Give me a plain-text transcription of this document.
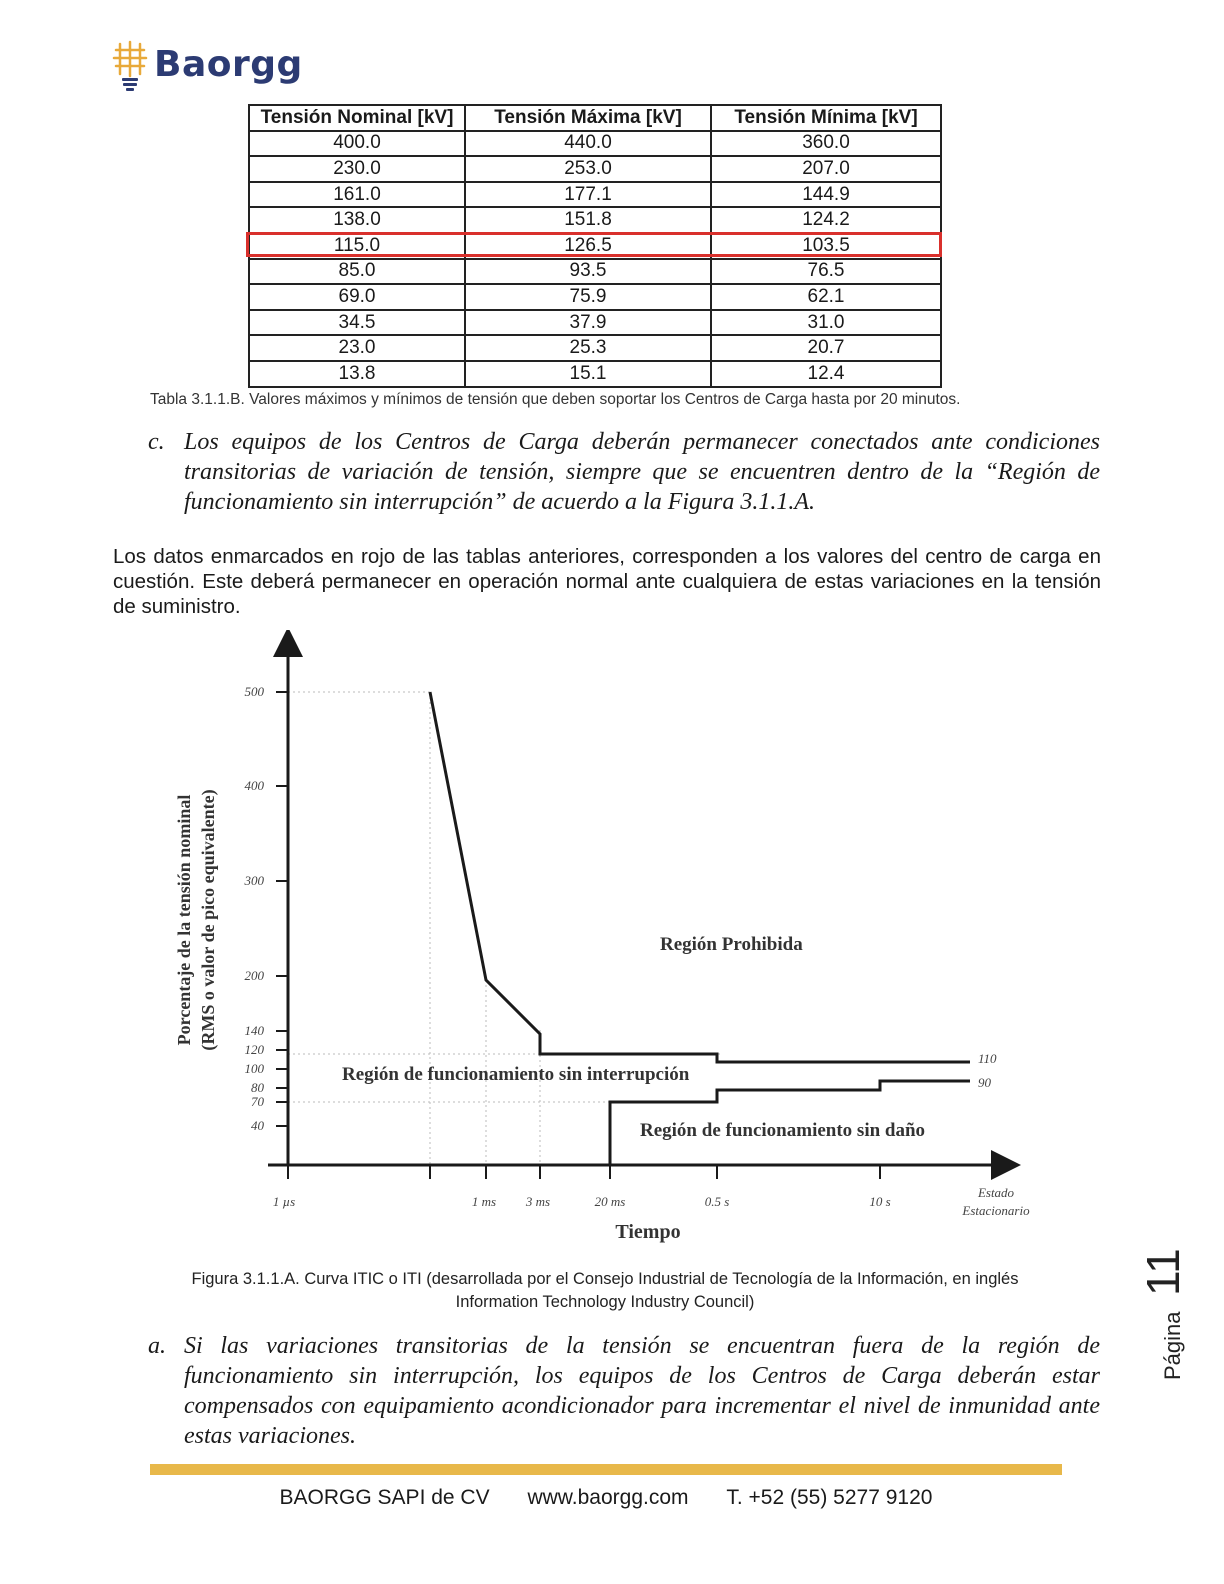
Baorgg
Tensión Nominal [kV]	Tensión Máxima [kV]	Tensión Mínima [kV]
400.0	440.0	360.0
230.0	253.0	207.0
161.0	177.1	144.9
138.0	151.8	124.2
115.0	126.5	103.5
85.0	93.5	76.5
69.0	75.9	62.1
34.5	37.9	31.0
23.0	25.3	20.7
13.8	15.1	12.4
Tabla 3.1.1.B. Valores máximos y mínimos de tensión que deben soportar los Centros de Carga hasta por 20 minutos.
c. Los equipos de los Centros de Carga deberán permanecer conectados ante condiciones transitorias de variación de tensión, siempre que se encuentren dentro de la “Región de funcionamiento sin interrupción” de acuerdo a la Figura 3.1.1.A.
Los datos enmarcados en rojo de las tablas anteriores, corresponden a los valores del centro de carga en cuestión. Este deberá permanecer en operación normal ante cualquiera de estas variaciones en la tensión de suministro.
500
400
300
200
140
120
100
80
70
40
1 µs	1 ms 3 ms	20 ms	0.5 s	10 s
Estado
Estacionario
110
90
Región Prohibida
Región de funcionamiento sin interrupción
Región de funcionamiento sin daño
Porcentaje de la tensión nominal (RMS o valor de pico equivalente)
Tiempo
Figura 3.1.1.A. Curva ITIC o ITI (desarrollada por el Consejo Industrial de Tecnología de la Información, en inglés
Information Technology Industry Council)
a. Si las variaciones transitorias de la tensión se encuentran fuera de la región de funcionamiento sin interrupción, los equipos de los Centros de Carga deberán estar compensados con equipamiento acondicionador para incrementar el nivel de inmunidad ante estas variaciones.
Página
11
BAORGG SAPI de CV www.baorgg.com T. +52 (55) 5277 9120
